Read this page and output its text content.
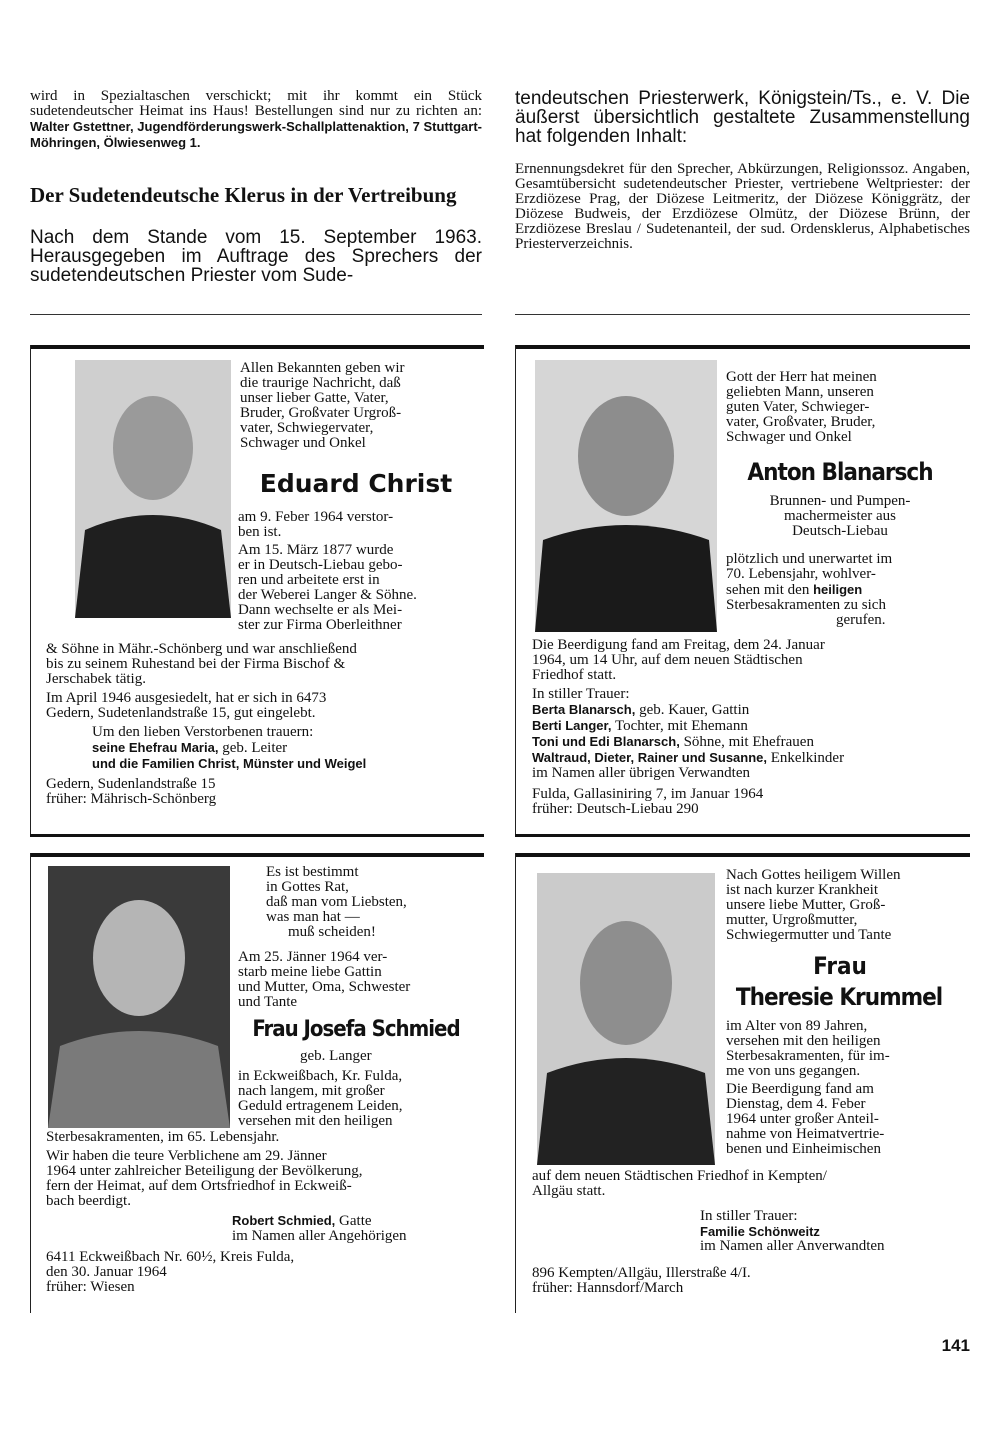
wird in Spezialtaschen verschickt; mit ihr kommt ein Stück sudetendeutscher Heimat ins Haus! Bestellungen sind nur zu richten an: Walter Gstettner, Jugendförderungswerk-Schallplattenaktion, 7 Stuttgart-Möhringen, Ölwiesenweg 1.
Der Sudetendeutsche Klerus in der Vertreibung
Nach dem Stande vom 15. September 1963. Herausgegeben im Auftrage des Sprechers der sudetendeutschen Priester vom Sude-
tendeutschen Priesterwerk, Königstein/Ts., e. V. Die äußerst übersichtlich gestaltete Zusammenstellung hat folgenden Inhalt:
Ernennungsdekret für den Sprecher, Abkürzungen, Religionssoz. Angaben, Gesamtübersicht sudetendeutscher Priester, vertriebene Weltpriester: der Erzdiözese Prag, der Diözese Leitmeritz, der Diözese Königgrätz, der Diözese Budweis, der Erzdiözese Olmütz, der Diözese Brünn, der Erzdiözese Breslau / Sudetenanteil, der sud. Ordensklerus, Alphabetisches Priesterverzeichnis.
Allen Bekannten geben wir
die traurige Nachricht, daß
unser lieber Gatte, Vater,
Bruder, Großvater Urgroß-
vater, Schwiegervater,
Schwager und Onkel
Eduard Christ
am 9. Feber 1964 verstor-
ben ist.
Am 15. März 1877 wurde
er in Deutsch-Liebau gebo-
ren und arbeitete erst in
der Weberei Langer & Söhne.
Dann wechselte er als Mei-
ster zur Firma Oberleithner
& Söhne in Mähr.-Schönberg und war anschließend
bis zu seinem Ruhestand bei der Firma Bischof &
Jerschabek tätig.
Im April 1946 ausgesiedelt, hat er sich in 6473
Gedern, Sudetenlandstraße 15, gut eingelebt.
Um den lieben Verstorbenen trauern:
seine Ehefrau Maria, geb. Leiter
und die Familien Christ, Münster und Weigel
Gedern, Sudenlandstraße 15
früher: Mährisch-Schönberg
Gott der Herr hat meinen
geliebten Mann, unseren
guten Vater, Schwieger-
vater, Großvater, Bruder,
Schwager und Onkel
Anton Blanarsch
Brunnen- und Pumpen-
machermeister aus
Deutsch-Liebau
plötzlich und unerwartet im
70. Lebensjahr, wohlver-
sehen mit den heiligen
Sterbesakramenten zu sich
gerufen.
Die Beerdigung fand am Freitag, dem 24. Januar
1964, um 14 Uhr, auf dem neuen Städtischen
Friedhof statt.
In stiller Trauer:
Berta Blanarsch, geb. Kauer, Gattin
Berti Langer, Tochter, mit Ehemann
Toni und Edi Blanarsch, Söhne, mit Ehefrauen
Waltraud, Dieter, Rainer und Susanne, Enkelkinder
im Namen aller übrigen Verwandten
Fulda, Gallasiniring 7, im Januar 1964
früher: Deutsch-Liebau 290
Es ist bestimmt
in Gottes Rat,
daß man vom Liebsten,
was man hat —
muß scheiden!
Am 25. Jänner 1964 ver-
starb meine liebe Gattin
und Mutter, Oma, Schwester
und Tante
Frau Josefa Schmied
geb. Langer
in Eckweißbach, Kr. Fulda,
nach langem, mit großer
Geduld ertragenem Leiden,
versehen mit den heiligen
Sterbesakramenten, im 65. Lebensjahr.
Wir haben die teure Verblichene am 29. Jänner
1964 unter zahlreicher Beteiligung der Bevölkerung,
fern der Heimat, auf dem Ortsfriedhof in Eckweiß-
bach beerdigt.
Robert Schmied, Gatte
im Namen aller Angehörigen
6411 Eckweißbach Nr. 60½, Kreis Fulda,
den 30. Januar 1964
früher: Wiesen
Nach Gottes heiligem Willen
ist nach kurzer Krankheit
unsere liebe Mutter, Groß-
mutter, Urgroßmutter,
Schwiegermutter und Tante
Frau
Theresie Krummel
im Alter von 89 Jahren,
versehen mit den heiligen
Sterbesakramenten, für im-
me von uns gegangen.
Die Beerdigung fand am
Dienstag, dem 4. Feber
1964 unter großer Anteil-
nahme von Heimatvertrie-
benen und Einheimischen
auf dem neuen Städtischen Friedhof in Kempten/
Allgäu statt.
In stiller Trauer:
Familie Schönweitz
im Namen aller Anverwandten
896 Kempten/Allgäu, Illerstraße 4/I.
früher: Hannsdorf/March
141
